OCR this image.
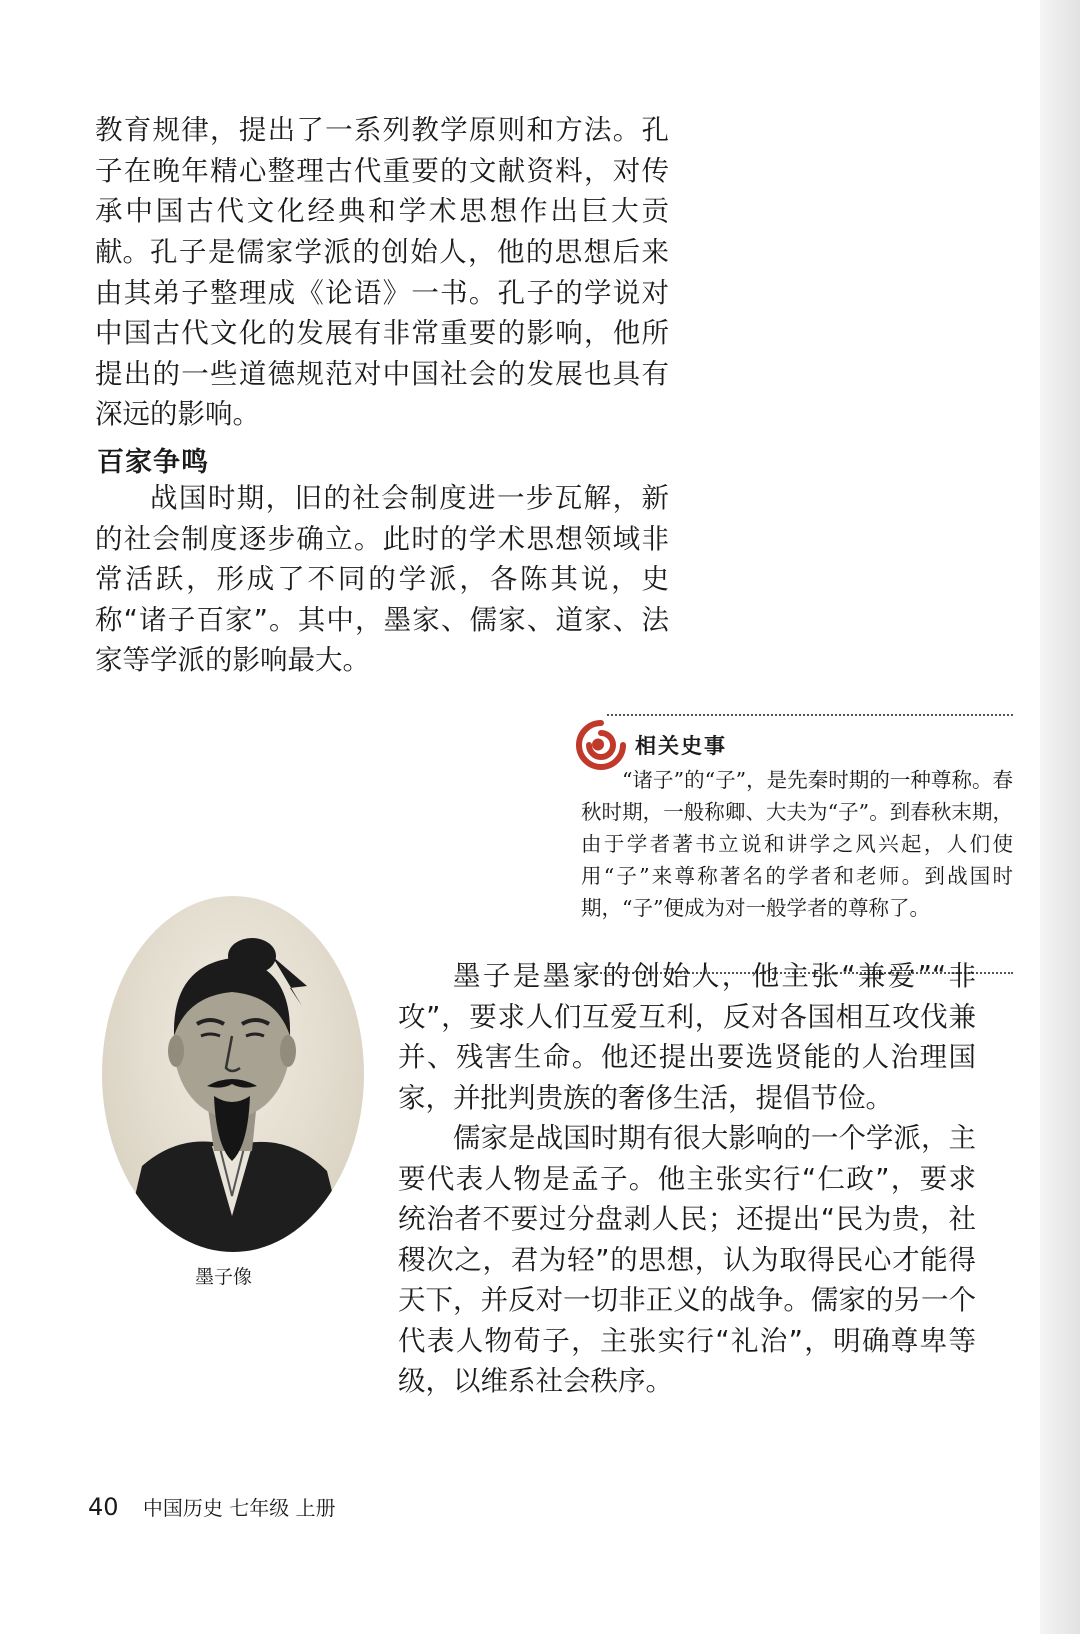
教育规律，提出了一系列教学原则和方法。孔子在晚年精心整理古代重要的文献资料，对传承中国古代文化经典和学术思想作出巨大贡献。 孔子是儒家学派的创始人，他的思想后来由其弟子整理成《论语》一书。孔子的学说对中国古代文化的发展有非常重要的影响，他所提出的一些道德规范对中国社会的发展也具有深远的影响。

百家争鸣

战国时期，旧的社会制度进一步瓦解，新的社会制度逐步确立。此时的学术思想领域非常活跃，形成了不同的学派，各陈其说，史称“诸子百家”。其中，墨家、儒家、道家、法家等学派的影响最大。

相关史事

“诸子”的“子”，是先秦时期的一种尊称。春秋时期，一般称卿、大夫为“子”。到春秋末期，由于学者著书立说和讲学之风兴起，人们使用“子”来尊称著名的学者和老师。到战国时期，“子”便成为对一般学者的尊称了。

墨子像

墨子是墨家的创始人，他主张“兼爱”“非攻”，要求人们互爱互利，反对各国相互攻伐兼并、残害生命。他还提出要选贤能的人治理国家，并批判贵族的奢侈生活，提倡节俭。

儒家是战国时期有很大影响的一个学派，主要代表人物是孟子。他主张实行“仁政”，要求统治者不要过分盘剥人民；还提出“民为贵，社稷次之，君为轻”的思想，认为取得民心才能得天下，并反对一切非正义的战争。儒家的另一个代表人物荀子，主张实行“礼治”，明确尊卑等级，以维系社会秩序。

40 中国历史 七年级 上册
